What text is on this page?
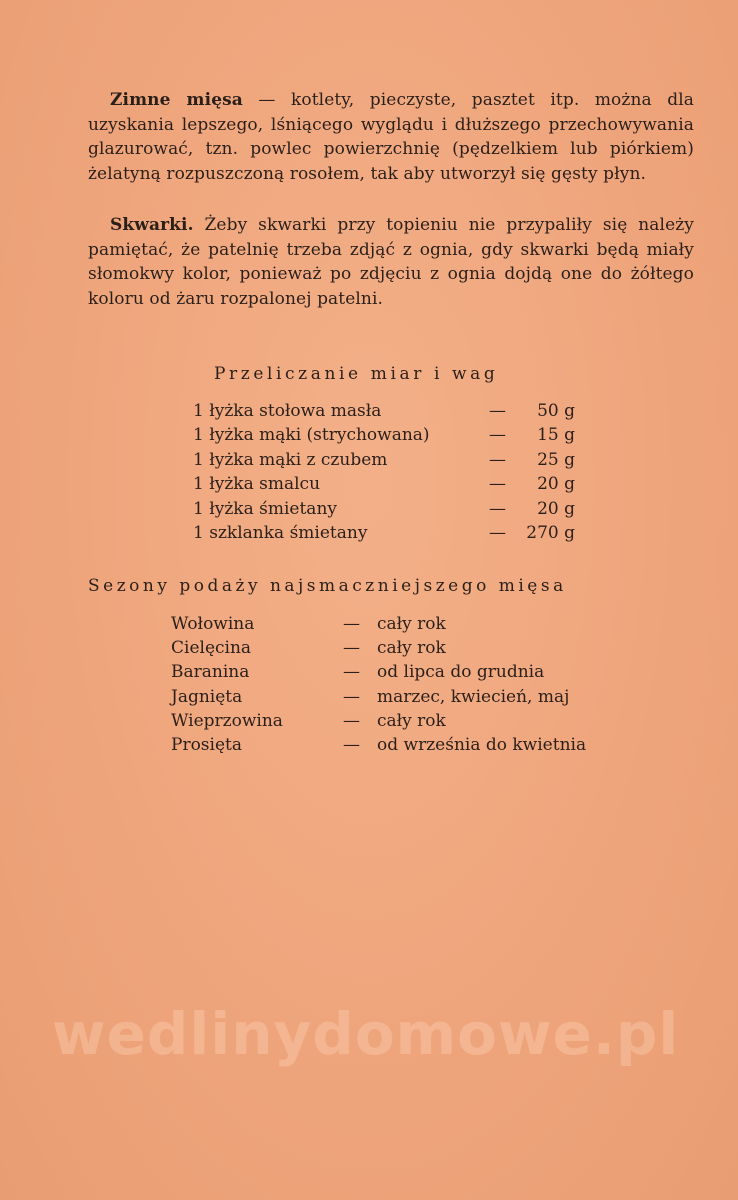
Zimne mięsa — kotlety, pieczyste, pasztet itp. można dla uzyskania lepszego, lśniącego wyglądu i dłuższego przechowywania glazurować, tzn. powlec powierzchnię (pędzelkiem lub piórkiem) żelatyną rozpuszczoną rosołem, tak aby utworzył się gęsty płyn.

Skwarki. Żeby skwarki przy topieniu nie przypaliły się należy pamiętać, że patelnię trzeba zdjąć z ognia, gdy skwarki będą miały słomokwy kolor, ponieważ po zdjęciu z ognia dojdą one do żółtego koloru od żaru rozpalonej patelni.

Przeliczanie miar i wag
1 łyżka stołowa masła	—	50 g
1 łyżka mąki (strychowana)	—	15 g
1 łyżka mąki z czubem	—	25 g
1 łyżka smalcu	—	20 g
1 łyżka śmietany	—	20 g
1 szklanka śmietany	—	270 g
Sezony podaży najsmaczniejszego mięsa
Wołowina	—	cały rok
Cielęcina	—	cały rok
Baranina	—	od lipca do grudnia
Jagnięta	—	marzec, kwiecień, maj
Wieprzowina	—	cały rok
Prosięta	—	od września do kwietnia
wedlinydomowe.pl
